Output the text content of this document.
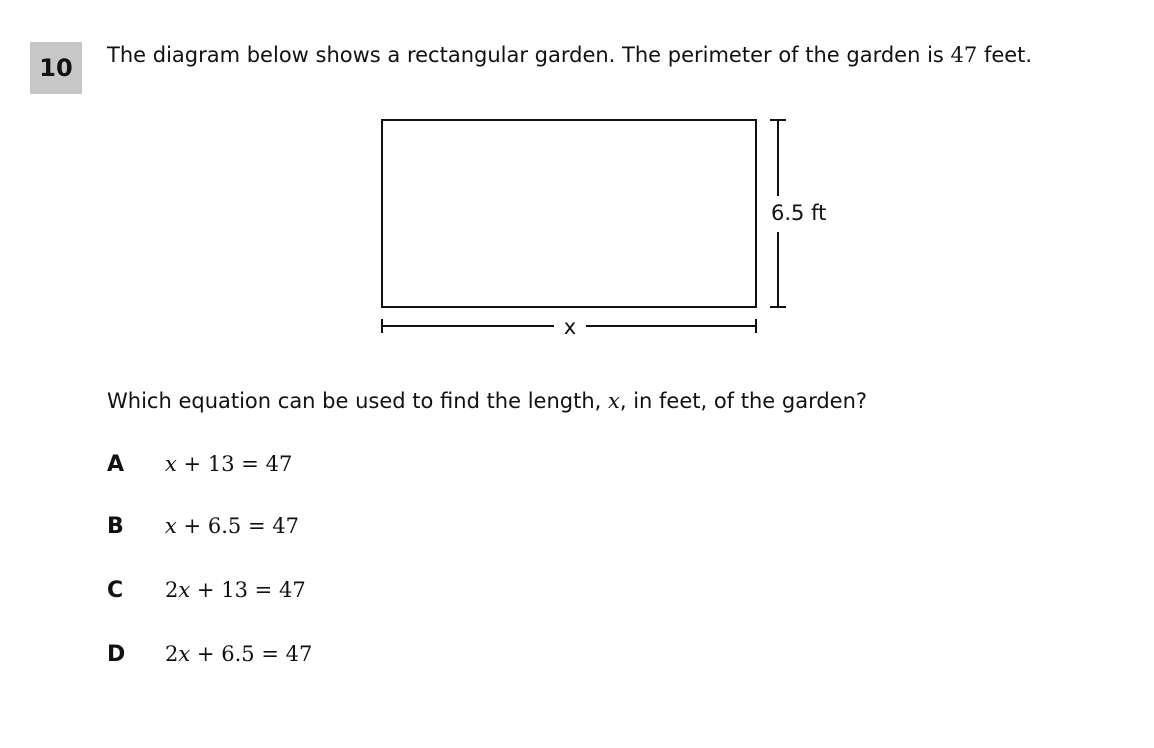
10 The diagram below shows a rectangular garden. The perimeter of the garden is 47 feet.
6.5 ft
x
Which equation can be used to find the length, x, in feet, of the garden?
A	x + 13 = 47
B	x + 6.5 = 47
C	2x + 13 = 47
D	2x + 6.5 = 47
